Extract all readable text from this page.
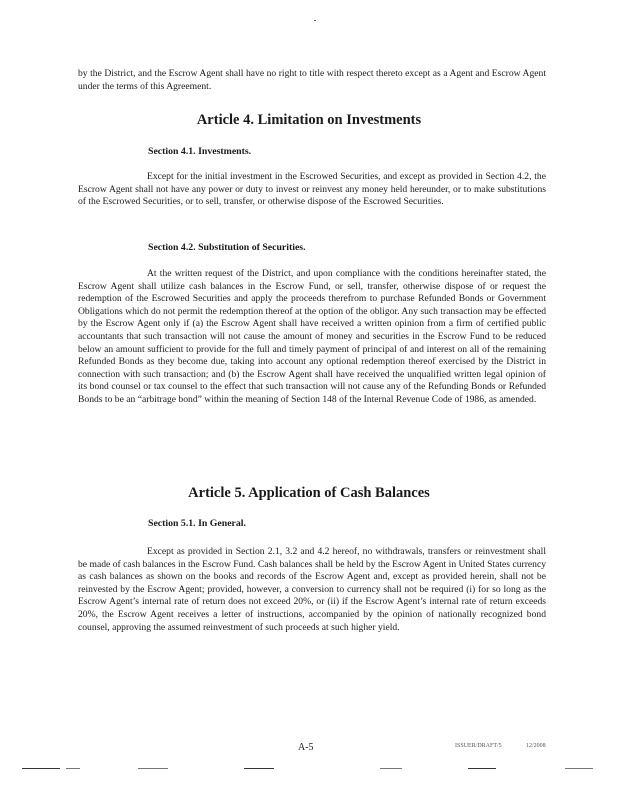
by the District, and the Escrow Agent shall have no right to title with respect thereto except as a Agent and Escrow Agent under the terms of this Agreement.

Article 4. Limitation on Investments

Section 4.1. Investments.

Except for the initial investment in the Escrowed Securities, and except as provided in Section 4.2, the Escrow Agent shall not have any power or duty to invest or reinvest any money held hereunder, or to make substitutions of the Escrowed Securities, or to sell, transfer, or otherwise dispose of the Escrowed Securities.

Section 4.2. Substitution of Securities.

At the written request of the District, and upon compliance with the conditions hereinafter stated, the Escrow Agent shall utilize cash balances in the Escrow Fund, or sell, transfer, otherwise dispose of or request the redemption of the Escrowed Securities and apply the proceeds therefrom to purchase Refunded Bonds or Government Obligations which do not permit the redemption thereof at the option of the obligor. Any such transaction may be effected by the Escrow Agent only if (a) the Escrow Agent shall have received a written opinion from a firm of certified public accountants that such transaction will not cause the amount of money and securities in the Escrow Fund to be reduced below an amount sufficient to provide for the full and timely payment of principal of and interest on all of the remaining Refunded Bonds as they become due, taking into account any optional redemption thereof exercised by the District in connection with such transaction; and (b) the Escrow Agent shall have received the unqualified written legal opinion of its bond counsel or tax counsel to the effect that such transaction will not cause any of the Refunding Bonds or Refunded Bonds to be an “arbitrage bond” within the meaning of Section 148 of the Internal Revenue Code of 1986, as amended.

Article 5. Application of Cash Balances

Section 5.1. In General.

Except as provided in Section 2.1, 3.2 and 4.2 hereof, no withdrawals, transfers or reinvestment shall be made of cash balances in the Escrow Fund. Cash balances shall be held by the Escrow Agent in United States currency as cash balances as shown on the books and records of the Escrow Agent and, except as provided herein, shall not be reinvested by the Escrow Agent; provided, however, a conversion to currency shall not be required (i) for so long as the Escrow Agent’s internal rate of return does not exceed 20%, or (ii) if the Escrow Agent’s internal rate of return exceeds 20%, the Escrow Agent receives a letter of instructions, accompanied by the opinion of nationally recognized bond counsel, approving the assumed reinvestment of such proceeds at such higher yield.

A-5	ISSUER/DRAFT/5	12/2008
